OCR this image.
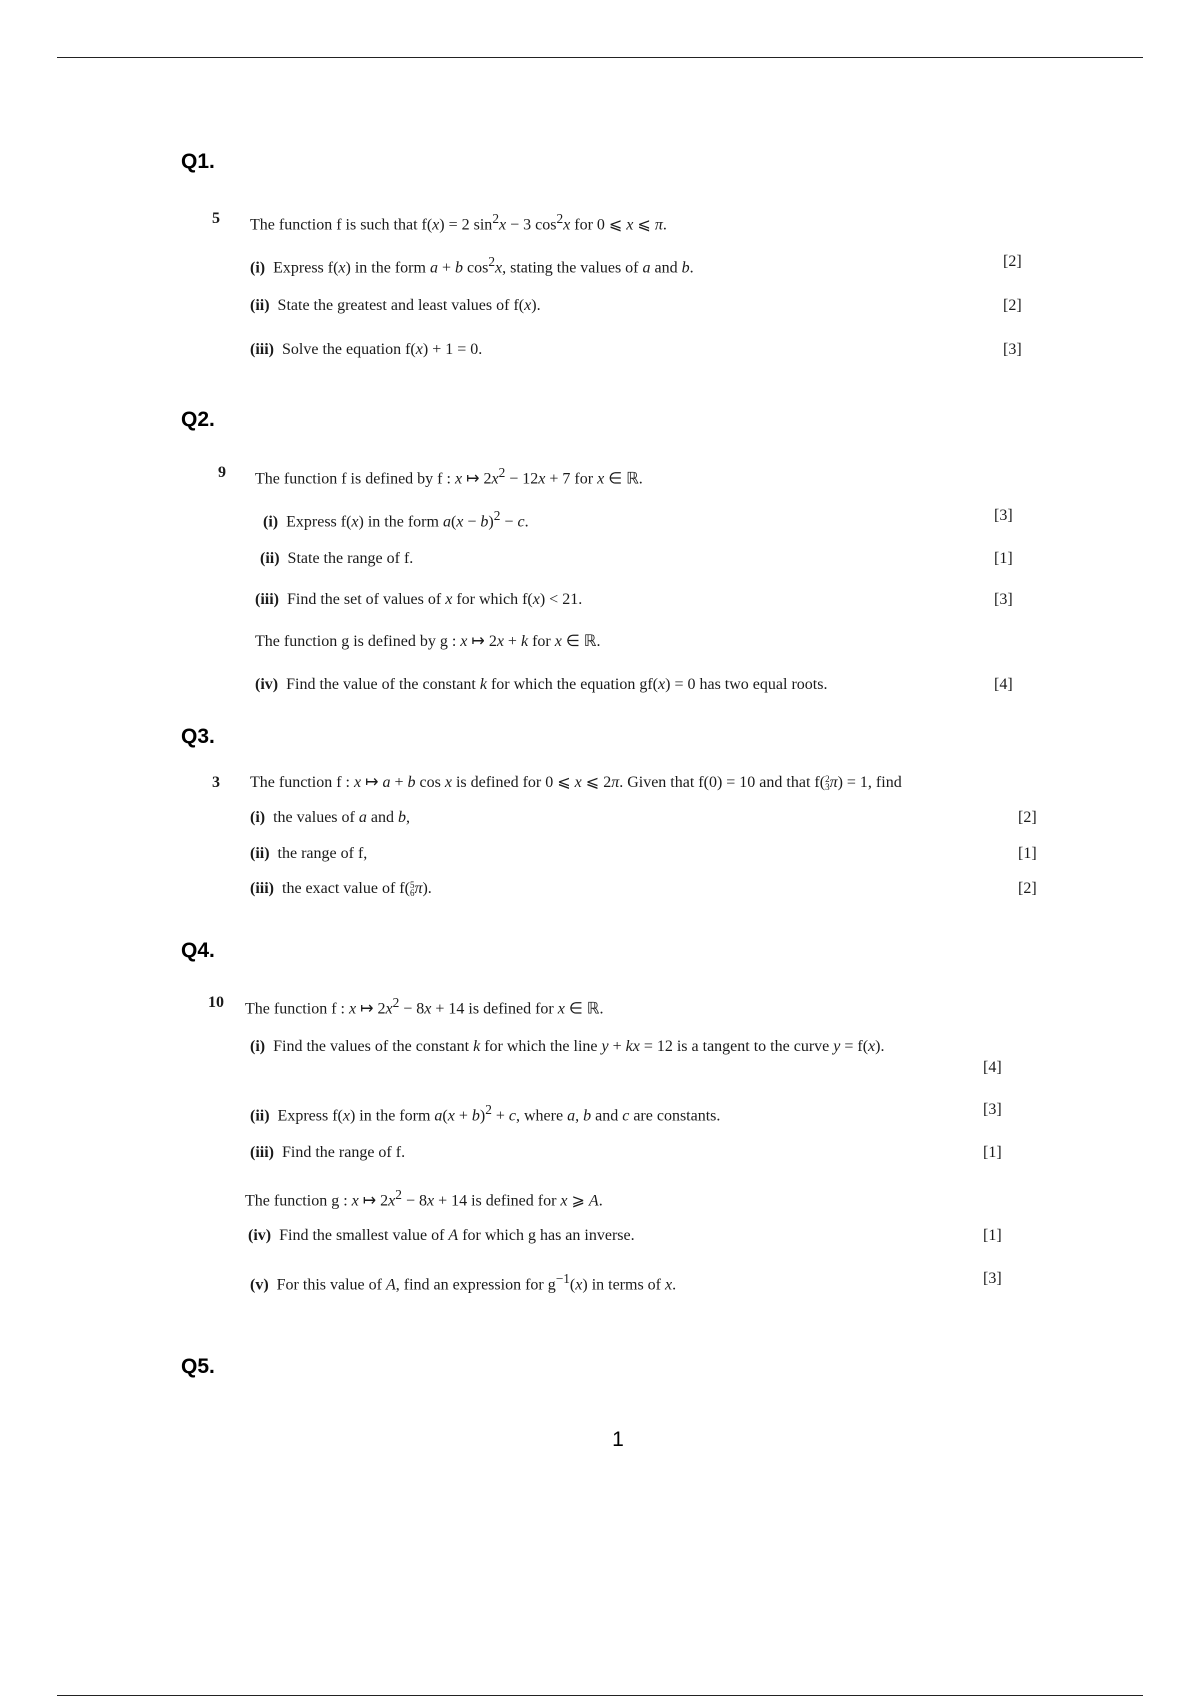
Q1.
5 The function f is such that f(x) = 2 $\sin^2x - 3$ $\cos^2x$ for 0 ⩽ x ⩽ π.
(i) Express f(x) in the form a + b $\cos^2x$, stating the values of a and b.	[2]
(ii) State the greatest and least values of f(x).	[2]
(iii) Solve the equation f(x) + 1 = 0.	[3]
Q2.
9 The function f is defined by f : x ↦ $2x^2 - 12x + 7$ for x ∈ ℝ.
(i) Express f(x) in the form $a(x - b)^2 - c$.	[3]
(ii) State the range of f.	[1]
(iii) Find the set of values of x for which f(x) < 21.	[3]
The function g is defined by g : x ↦ 2x + k for x ∈ ℝ.
(iv) Find the value of the constant k for which the equation gf(x) = 0 has two equal roots.	[4]
Q3.
3 The function f : x ↦ a + b cos x is defined for 0 ⩽ x ⩽ 2π. Given that f(0) = 10 and that f( 2
3 π) = 1, find
(i) the values of a and b,	[2]
(ii) the range of f,	[1]
(iii) the exact value of f( 5
6 π).	[2]
Q4.
10 The function f : x ↦ $2x^2 - 8x + 14$ is defined for x ∈ ℝ.
(i) Find the values of the constant k for which the line y + kx = 12 is a tangent to the curve y = f(x).
[4]
(ii) Express f(x) in the form $a(x + b)^2 + c$, where a, b and c are constants.	[3]
(iii) Find the range of f.	[1]
The function g : x ↦ $2x^2 - 8x + 14$ is defined for x ⩾ A.
(iv) Find the smallest value of A for which g has an inverse.	[1]
(v) For this value of A, find an expression for $g^{-1}(x)$ in terms of x.	[3]
Q5.
1
